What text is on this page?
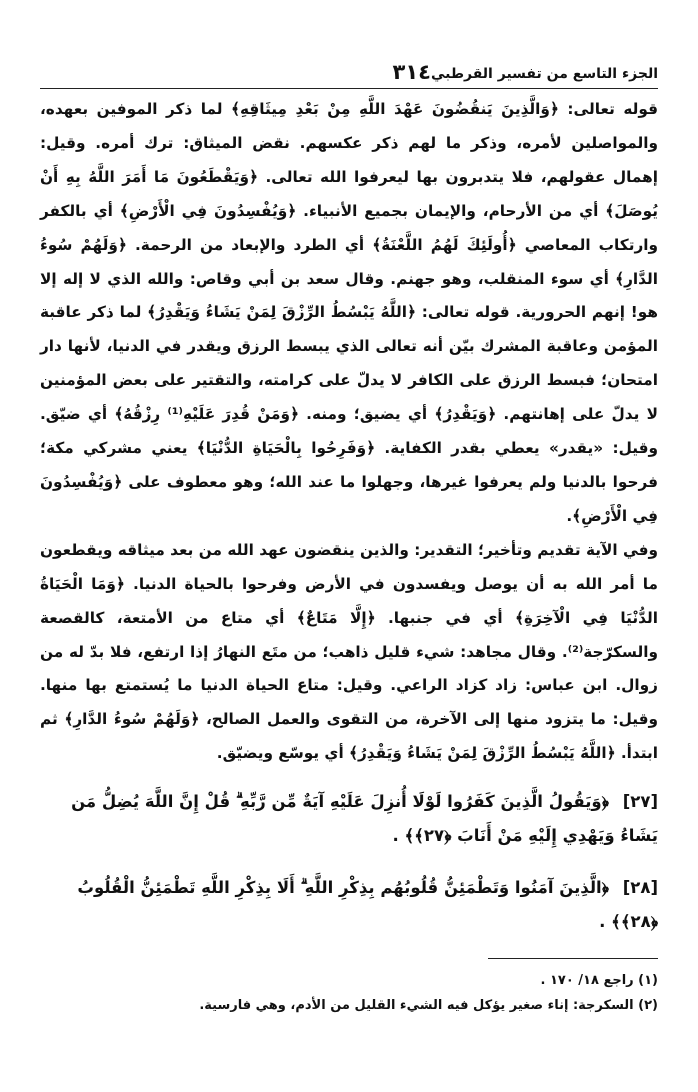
الجزء التاسع من تفسير القرطبي
٣١٤

قوله تعالى: ﴿وَالَّذِينَ يَنقُضُونَ عَهْدَ اللَّهِ مِنْ بَعْدِ مِيثَاقِهِ﴾ لما ذكر الموفين بعهده، والمواصلين لأمره، وذكر ما لهم ذكر عكسهم. نقض الميثاق: ترك أمره. وقيل: إهمال عقولهم، فلا يتدبرون بها ليعرفوا الله تعالى. ﴿وَيَقْطَعُونَ مَا أَمَرَ اللَّهُ بِهِ أَنْ يُوصَلَ﴾ أي من الأرحام، والإيمان بجميع الأنبياء. ﴿وَيُفْسِدُونَ فِي الْأَرْضِ﴾ أي بالكفر وارتكاب المعاصي ﴿أُولَئِكَ لَهُمُ اللَّعْنَةُ﴾ أي الطرد والإبعاد من الرحمة. ﴿وَلَهُمْ سُوءُ الدَّارِ﴾ أي سوء المنقلب، وهو جهنم. وقال سعد بن أبي وقاص: والله الذي لا إله إلا هو! إنهم الحرورية. قوله تعالى: ﴿اللَّهُ يَبْسُطُ الرِّزْقَ لِمَنْ يَشَاءُ وَيَقْدِرُ﴾ لما ذكر عاقبة المؤمن وعاقبة المشرك بيّن أنه تعالى الذي يبسط الرزق ويقدر في الدنيا، لأنها دار امتحان؛ فبسط الرزق على الكافر لا يدلّ على كرامته، والتقتير على بعض المؤمنين لا يدلّ على إهانتهم. ﴿وَيَقْدِرُ﴾ أي يضيق؛ ومنه. ﴿وَمَنْ قُدِرَ عَلَيْهِ⁽¹⁾ رِزْقُهُ﴾ أي ضيّق. وقيل: «يقدر» يعطي بقدر الكفاية. ﴿وَفَرِحُوا بِالْحَيَاةِ الدُّنْيَا﴾ يعني مشركي مكة؛ فرحوا بالدنيا ولم يعرفوا غيرها، وجهلوا ما عند الله؛ وهو معطوف على ﴿وَيُفْسِدُونَ فِي الْأَرْضِ﴾.

وفي الآية تقديم وتأخير؛ التقدير: والذين ينقضون عهد الله من بعد ميثاقه ويقطعون ما أمر الله به أن يوصل ويفسدون في الأرض وفرحوا بالحياة الدنيا. ﴿وَمَا الْحَيَاةُ الدُّنْيَا فِي الْآخِرَةِ﴾ أي في جنبها. ﴿إِلَّا مَتَاعٌ﴾ أي متاع من الأمتعة، كالقصعة والسكرّجة⁽²⁾. وقال مجاهد: شيء قليل ذاهب؛ من متَع النهارُ إذا ارتفع، فلا بدّ له من زوال. ابن عباس: زاد كزاد الراعي. وقيل: متاع الحياة الدنيا ما يُستمتع بها منها. وقيل: ما يتزود منها إلى الآخرة، من التقوى والعمل الصالح، ﴿وَلَهُمْ سُوءُ الدَّارِ﴾ ثم ابتدأ. ﴿اللَّهُ يَبْسُطُ الرِّزْقَ لِمَنْ يَشَاءُ وَيَقْدِرُ﴾ أي يوسّع ويضيّق.

[٢٧] ﴿وَيَقُولُ الَّذِينَ كَفَرُوا لَوْلَا أُنزِلَ عَلَيْهِ آيَةٌ مِّن رَّبِّهِ ۗ قُلْ إِنَّ اللَّهَ يُضِلُّ مَن يَشَاءُ وَيَهْدِي إِلَيْهِ مَنْ أَنَابَ ﴿٢٧﴾﴾ .
[٢٨] ﴿الَّذِينَ آمَنُوا وَتَطْمَئِنُّ قُلُوبُهُم بِذِكْرِ اللَّهِ ۗ أَلَا بِذِكْرِ اللَّهِ تَطْمَئِنُّ الْقُلُوبُ ﴿٢٨﴾﴾ .

(١) راجع ١٨/ ١٧٠ .

(٢) السكرجة: إناء صغير يؤكل فيه الشيء القليل من الأدم، وهي فارسية.
